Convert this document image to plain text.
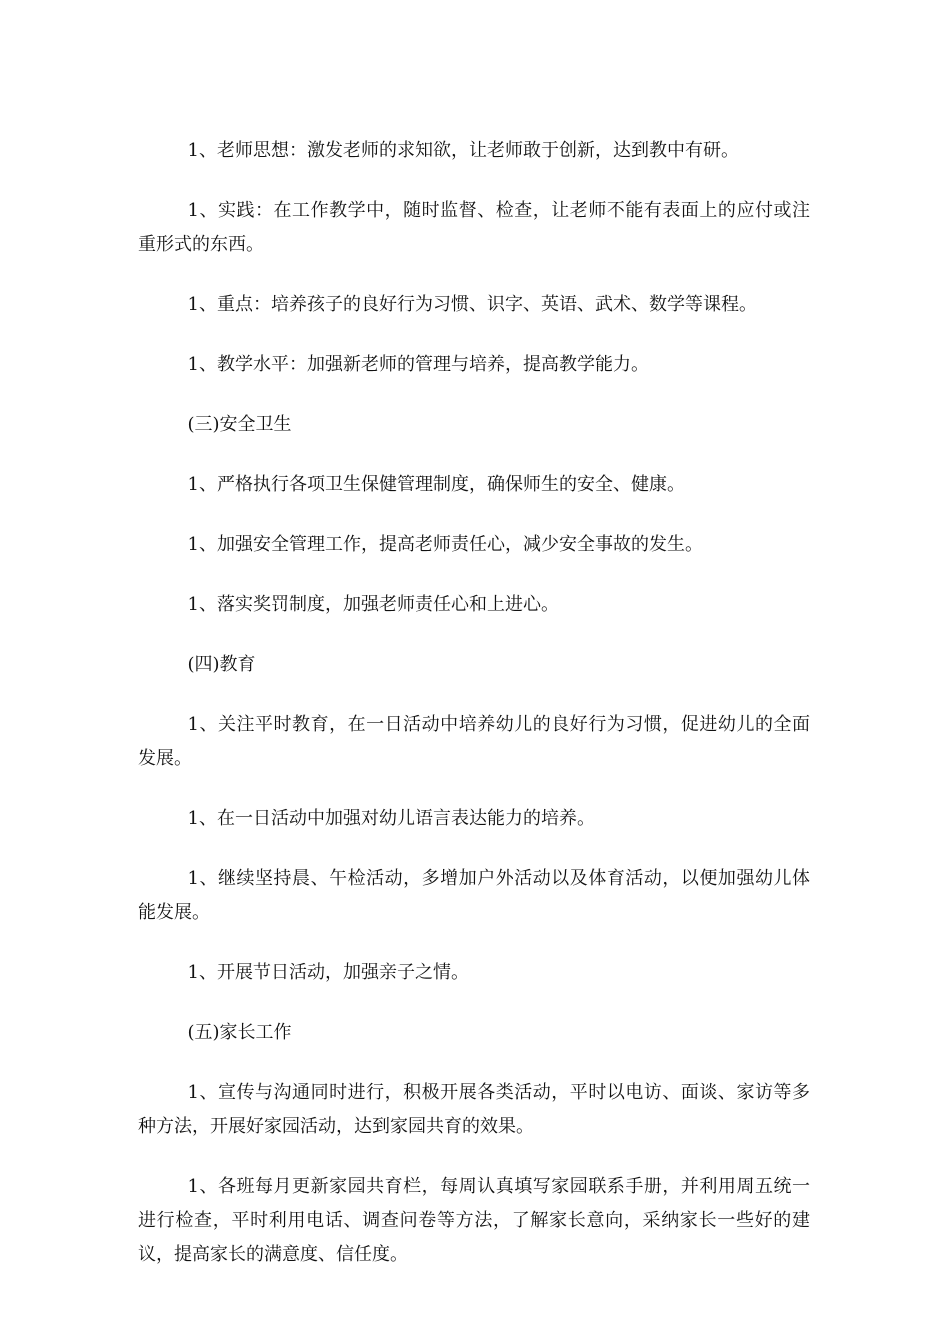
1、老师思想：激发老师的求知欲，让老师敢于创新，达到教中有研。

1、实践：在工作教学中，随时监督、检查，让老师不能有表面上的应付或注重形式的东西。

1、重点：培养孩子的良好行为习惯、识字、英语、武术、数学等课程。

1、教学水平：加强新老师的管理与培养，提高教学能力。

(三)安全卫生

1、严格执行各项卫生保健管理制度，确保师生的安全、健康。

1、加强安全管理工作，提高老师责任心，减少安全事故的发生。

1、落实奖罚制度，加强老师责任心和上进心。

(四)教育

1、关注平时教育，在一日活动中培养幼儿的良好行为习惯，促进幼儿的全面发展。

1、在一日活动中加强对幼儿语言表达能力的培养。

1、继续坚持晨、午检活动，多增加户外活动以及体育活动，以便加强幼儿体能发展。

1、开展节日活动，加强亲子之情。

(五)家长工作

1、宣传与沟通同时进行，积极开展各类活动，平时以电访、面谈、家访等多种方法，开展好家园活动，达到家园共育的效果。

1、各班每月更新家园共育栏，每周认真填写家园联系手册，并利用周五统一进行检查，平时利用电话、调查问卷等方法，了解家长意向，采纳家长一些好的建议，提高家长的满意度、信任度。
